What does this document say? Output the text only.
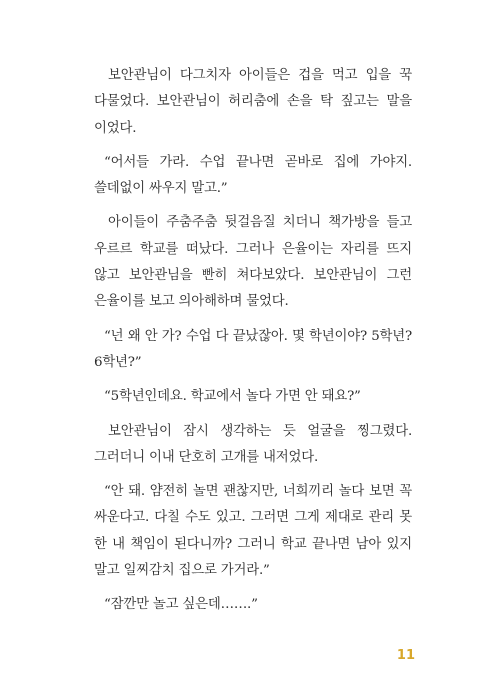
보안관님이 다그치자 아이들은 겁을 먹고 입을 꾹 다물었다. 보안관님이 허리춤에 손을 탁 짚고는 말을 이었다.

“어서들 가라. 수업 끝나면 곧바로 집에 가야지. 쓸데없이 싸우지 말고.”

아이들이 주춤주춤 뒷걸음질 치더니 책가방을 들고 우르르 학교를 떠났다. 그러나 은율이는 자리를 뜨지 않고 보안관님을 빤히 쳐다보았다. 보안관님이 그런 은율이를 보고 의아해하며 물었다.

“넌 왜 안 가? 수업 다 끝났잖아. 몇 학년이야? 5학년? 6학년?”

“5학년인데요. 학교에서 놀다 가면 안 돼요?”

보안관님이 잠시 생각하는 듯 얼굴을 찡그렸다. 그러더니 이내 단호히 고개를 내저었다.

“안 돼. 얌전히 놀면 괜찮지만, 너희끼리 놀다 보면 꼭 싸운다고. 다칠 수도 있고. 그러면 그게 제대로 관리 못 한 내 책임이 된다니까? 그러니 학교 끝나면 남아 있지 말고 일찌감치 집으로 가거라.”

“잠깐만 놀고 싶은데…….”

11
